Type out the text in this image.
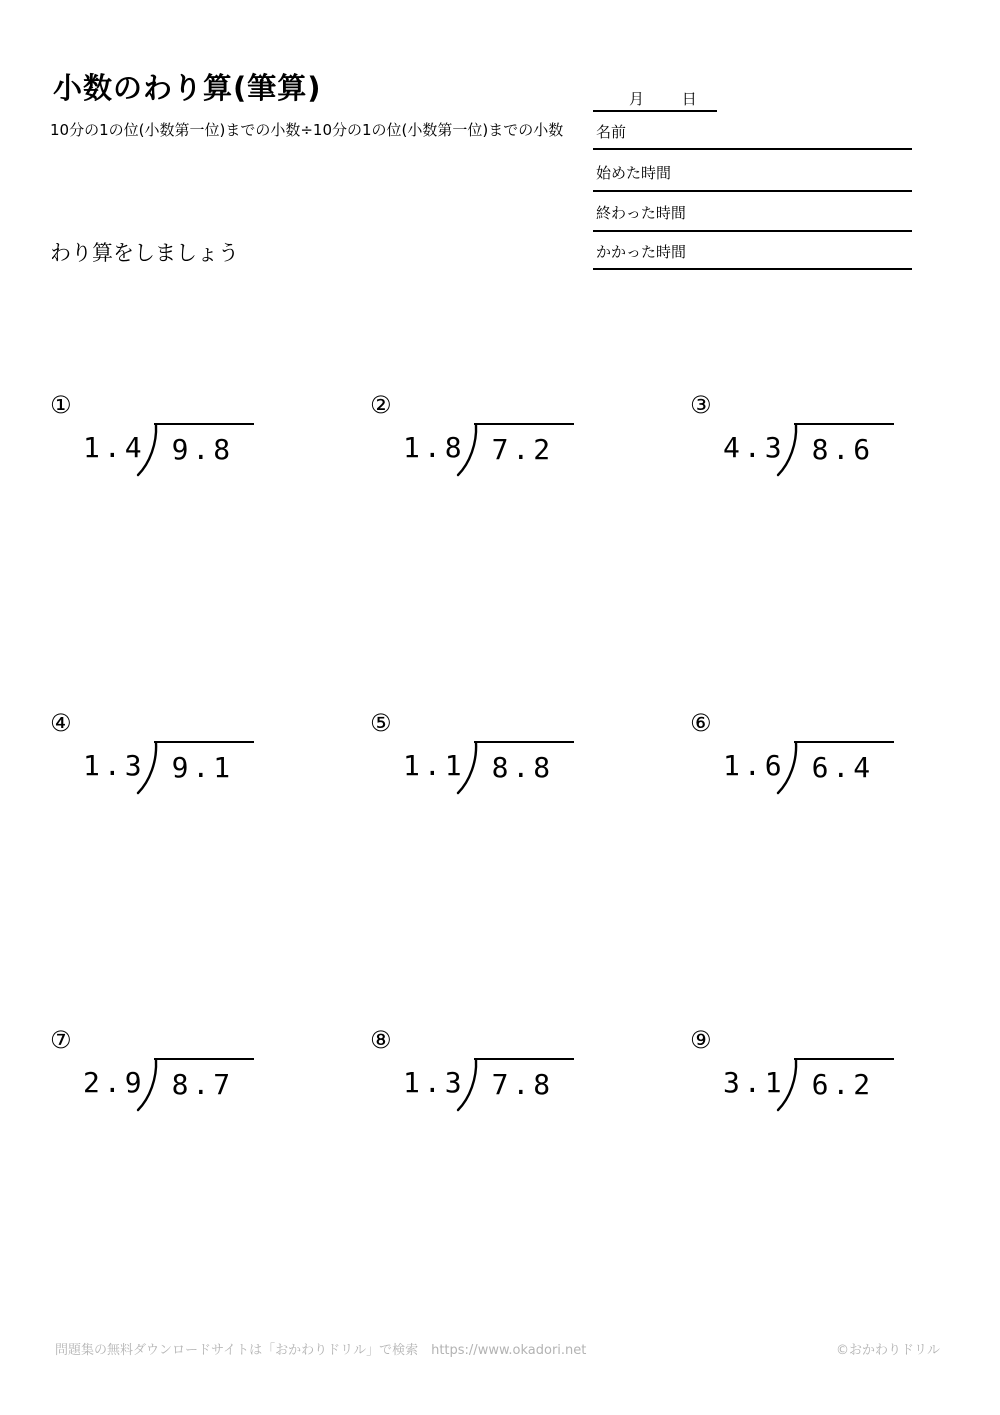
小数のわり算(筆算)
10分の1の位(小数第一位)までの小数÷10分の1の位(小数第一位)までの小数
月	日
名前
始めた時間
終わった時間
かかった時間
わり算をしましょう
①
1.4 9.8
②
1.8 7.2
③
4.3 8.6
④
1.3 9.1
⑤
1.1 8.8
⑥
1.6 6.4
⑦
2.9 8.7
⑧
1.3 7.8
⑨
3.1 6.2
問題集の無料ダウンロードサイトは「おかわりドリル」で検索　https://www.okadori.net	©おかわりドリル
